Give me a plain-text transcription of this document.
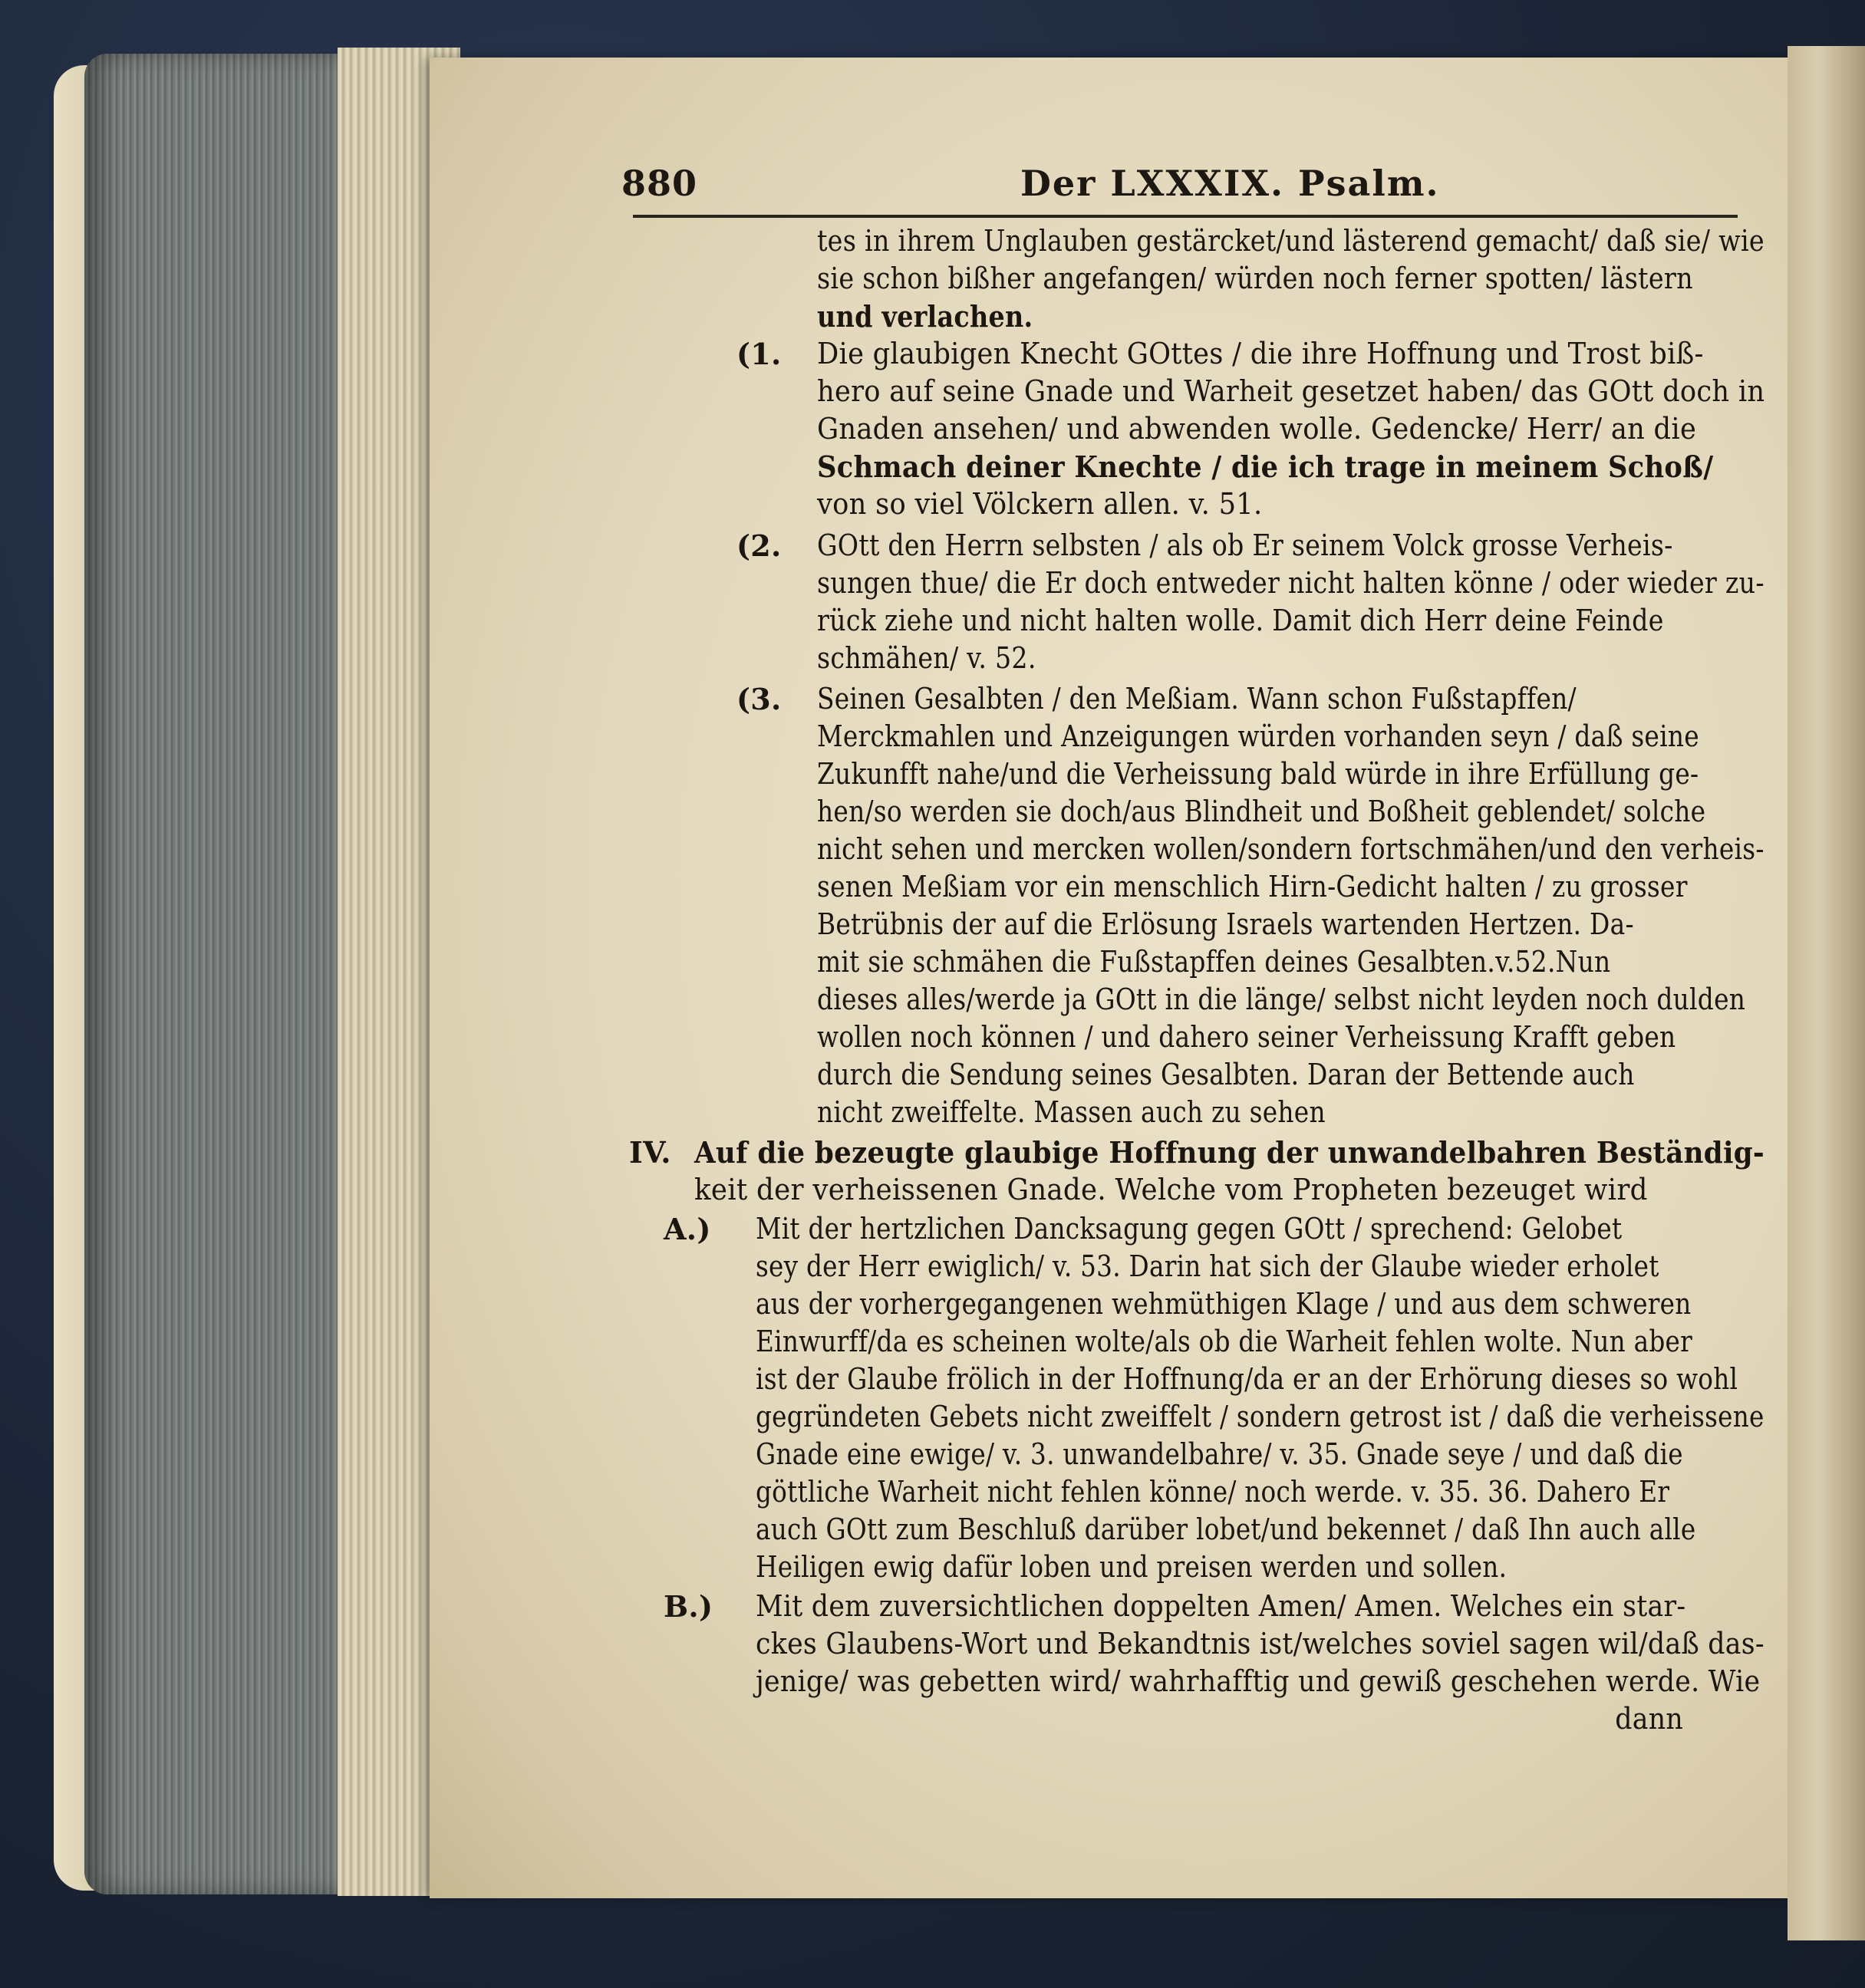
880	Der LXXXIX. Psalm.
tes in ihrem Unglauben gestärcket/und lästerend gemacht/ daß sie/ wie
sie schon bißher angefangen/ würden noch ferner spotten/ lästern
und verlachen.
(1. Die glaubigen Knecht GOttes / die ihre Hoffnung und Trost biß-
hero auf seine Gnade und Warheit gesetzet haben/ das GOtt doch in
Gnaden ansehen/ und abwenden wolle. Gedencke/ Herr/ an die
Schmach deiner Knechte / die ich trage in meinem Schoß/
von so viel Völckern allen. v. 51.
(2. GOtt den Herrn selbsten / als ob Er seinem Volck grosse Verheis-
sungen thue/ die Er doch entweder nicht halten könne / oder wieder zu-
rück ziehe und nicht halten wolle. Damit dich Herr deine Feinde
schmähen/ v. 52.
(3. Seinen Gesalbten / den Meßiam. Wann schon Fußstapffen/
Merckmahlen und Anzeigungen würden vorhanden seyn / daß seine
Zukunfft nahe/und die Verheissung bald würde in ihre Erfüllung ge-
hen/so werden sie doch/aus Blindheit und Boßheit geblendet/ solche
nicht sehen und mercken wollen/sondern fortschmähen/und den verheis-
senen Meßiam vor ein menschlich Hirn-Gedicht halten / zu grosser
Betrübnis der auf die Erlösung Israels wartenden Hertzen. Da-
mit sie schmähen die Fußstapffen deines Gesalbten.v.52.Nun
dieses alles/werde ja GOtt in die länge/ selbst nicht leyden noch dulden
wollen noch können / und dahero seiner Verheissung Krafft geben
durch die Sendung seines Gesalbten. Daran der Bettende auch
nicht zweiffelte. Massen auch zu sehen
IV. Auf die bezeugte glaubige Hoffnung der unwandelbahren Beständig-
keit der verheissenen Gnade. Welche vom Propheten bezeuget wird
A.) Mit der hertzlichen Dancksagung gegen GOtt / sprechend: Gelobet
sey der Herr ewiglich/ v. 53. Darin hat sich der Glaube wieder erholet
aus der vorhergegangenen wehmüthigen Klage / und aus dem schweren
Einwurff/da es scheinen wolte/als ob die Warheit fehlen wolte. Nun aber
ist der Glaube frölich in der Hoffnung/da er an der Erhörung dieses so wohl
gegründeten Gebets nicht zweiffelt / sondern getrost ist / daß die verheissene
Gnade eine ewige/ v. 3. unwandelbahre/ v. 35. Gnade seye / und daß die
göttliche Warheit nicht fehlen könne/ noch werde. v. 35. 36. Dahero Er
auch GOtt zum Beschluß darüber lobet/und bekennet / daß Ihn auch alle
Heiligen ewig dafür loben und preisen werden und sollen.
B.) Mit dem zuversichtlichen doppelten Amen/ Amen. Welches ein star-
ckes Glaubens-Wort und Bekandtnis ist/welches soviel sagen wil/daß das-
jenige/ was gebetten wird/ wahrhafftig und gewiß geschehen werde. Wie
dann
